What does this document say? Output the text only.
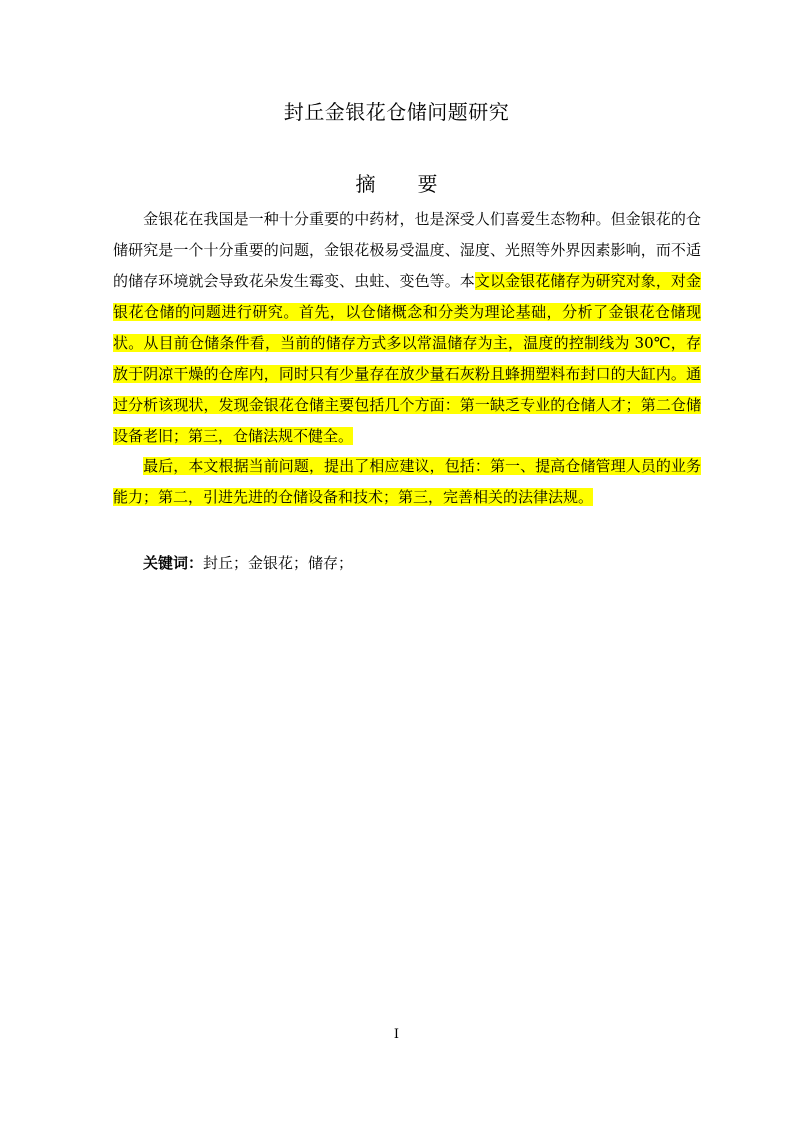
封丘金银花仓储问题研究
摘 要

金银花在我国是一种十分重要的中药材，也是深受人们喜爱生态物种。但金银花的仓储研究是一个十分重要的问题，金银花极易受温度、湿度、光照等外界因素影响，而不适的储存环境就会导致花朵发生霉变、虫蛀、变色等。本文以金银花储存为研究对象，对金银花仓储的问题进行研究。首先，以仓储概念和分类为理论基础，分析了金银花仓储现状。从目前仓储条件看，当前的储存方式多以常温储存为主，温度的控制线为 30℃，存放于阴凉干燥的仓库内，同时只有少量存在放少量石灰粉且蜂拥塑料布封口的大缸内。通过分析该现状，发现金银花仓储主要包括几个方面：第一缺乏专业的仓储人才；第二仓储设备老旧；第三，仓储法规不健全。

最后，本文根据当前问题，提出了相应建议，包括：第一、提高仓储管理人员的业务能力；第二，引进先进的仓储设备和技术；第三，完善相关的法律法规。

关键词：封丘；金银花；储存；

I
